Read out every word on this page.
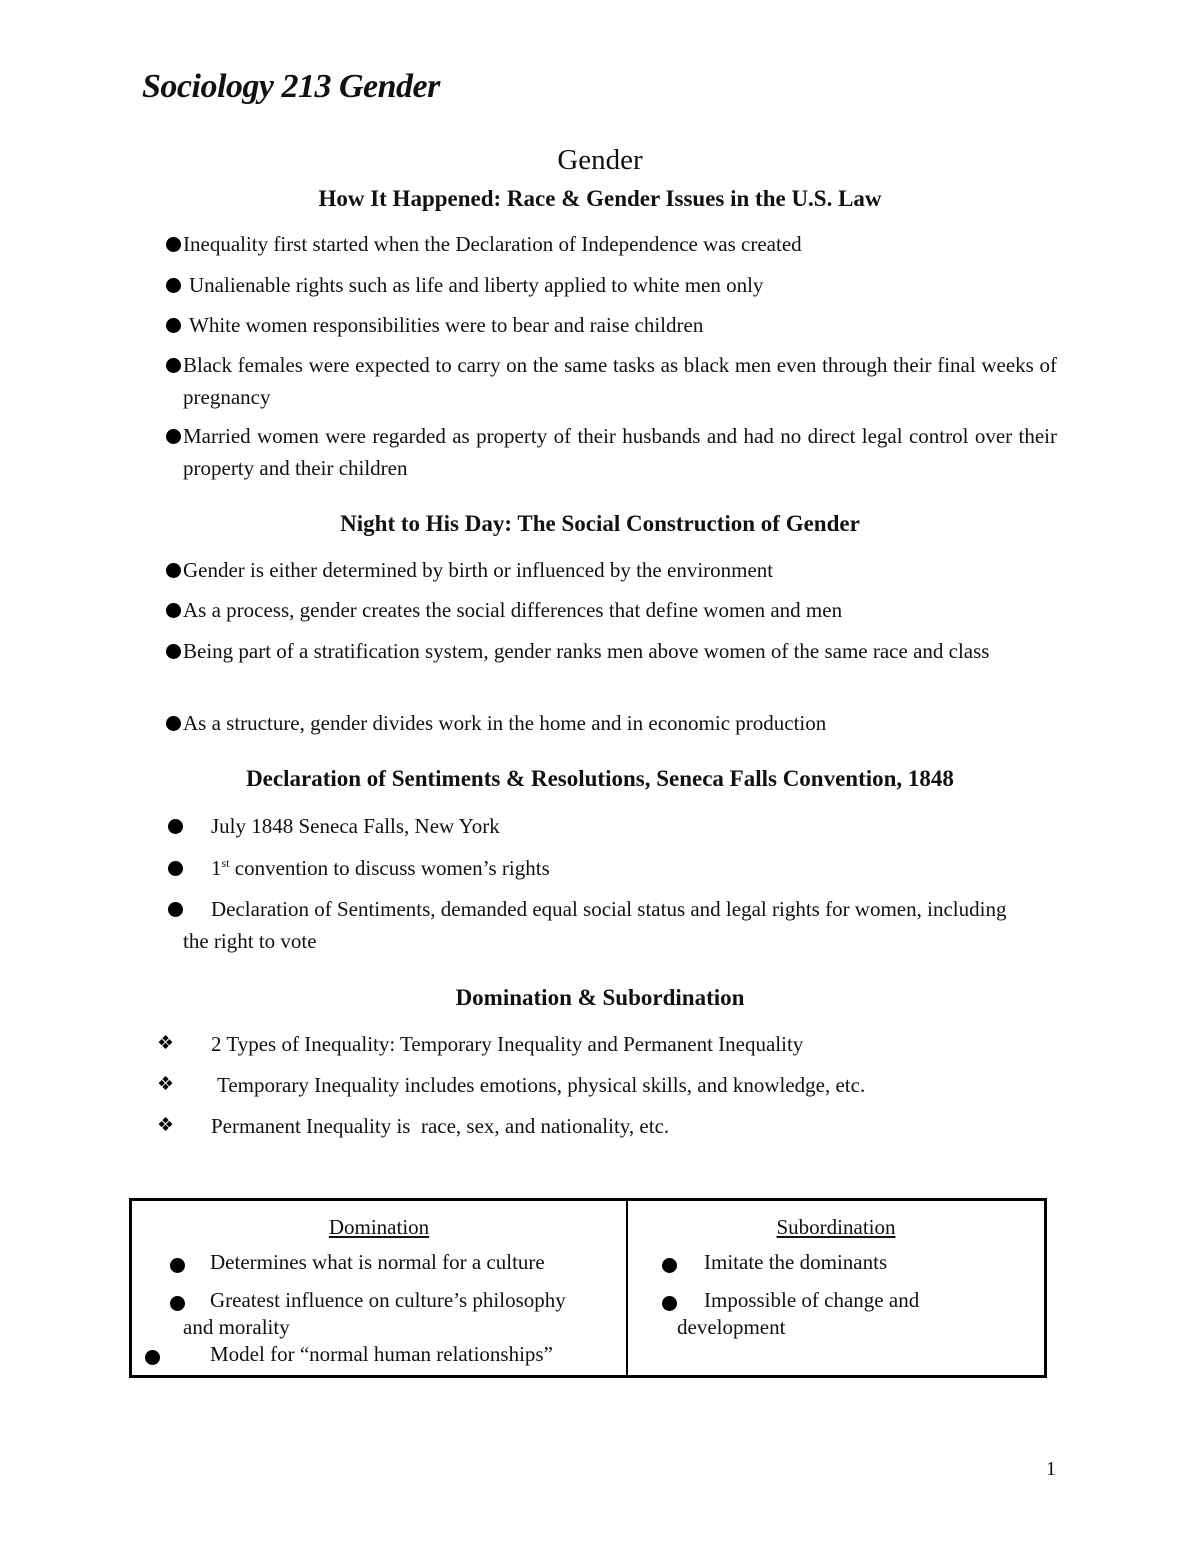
Sociology 213 Gender
Gender
How It Happened: Race & Gender Issues in the U.S. Law
Inequality first started when the Declaration of Independence was created
Unalienable rights such as life and liberty applied to white men only
White women responsibilities were to bear and raise children
Black females were expected to carry on the same tasks as black men even through their final weeks of pregnancy
Married women were regarded as property of their husbands and had no direct legal control over their property and their children
Night to His Day: The Social Construction of Gender
Gender is either determined by birth or influenced by the environment
As a process, gender creates the social differences that define women and men
Being part of a stratification system, gender ranks men above women of the same race and class
As a structure, gender divides work in the home and in economic production
Declaration of Sentiments & Resolutions, Seneca Falls Convention, 1848
July 1848 Seneca Falls, New York
1st convention to discuss women’s rights
Declaration of Sentiments, demanded equal social status and legal rights for women, including the right to vote
Domination & Subordination
❖ 2 Types of Inequality: Temporary Inequality and Permanent Inequality
❖ Temporary Inequality includes emotions, physical skills, and knowledge, etc.
❖ Permanent Inequality is  race, sex, and nationality, etc.
Domination
Determines what is normal for a culture
Greatest influence on culture’s philosophy
and morality
Model for “normal human relationships”
Subordination
Imitate the dominants
Impossible of change and
development
1
